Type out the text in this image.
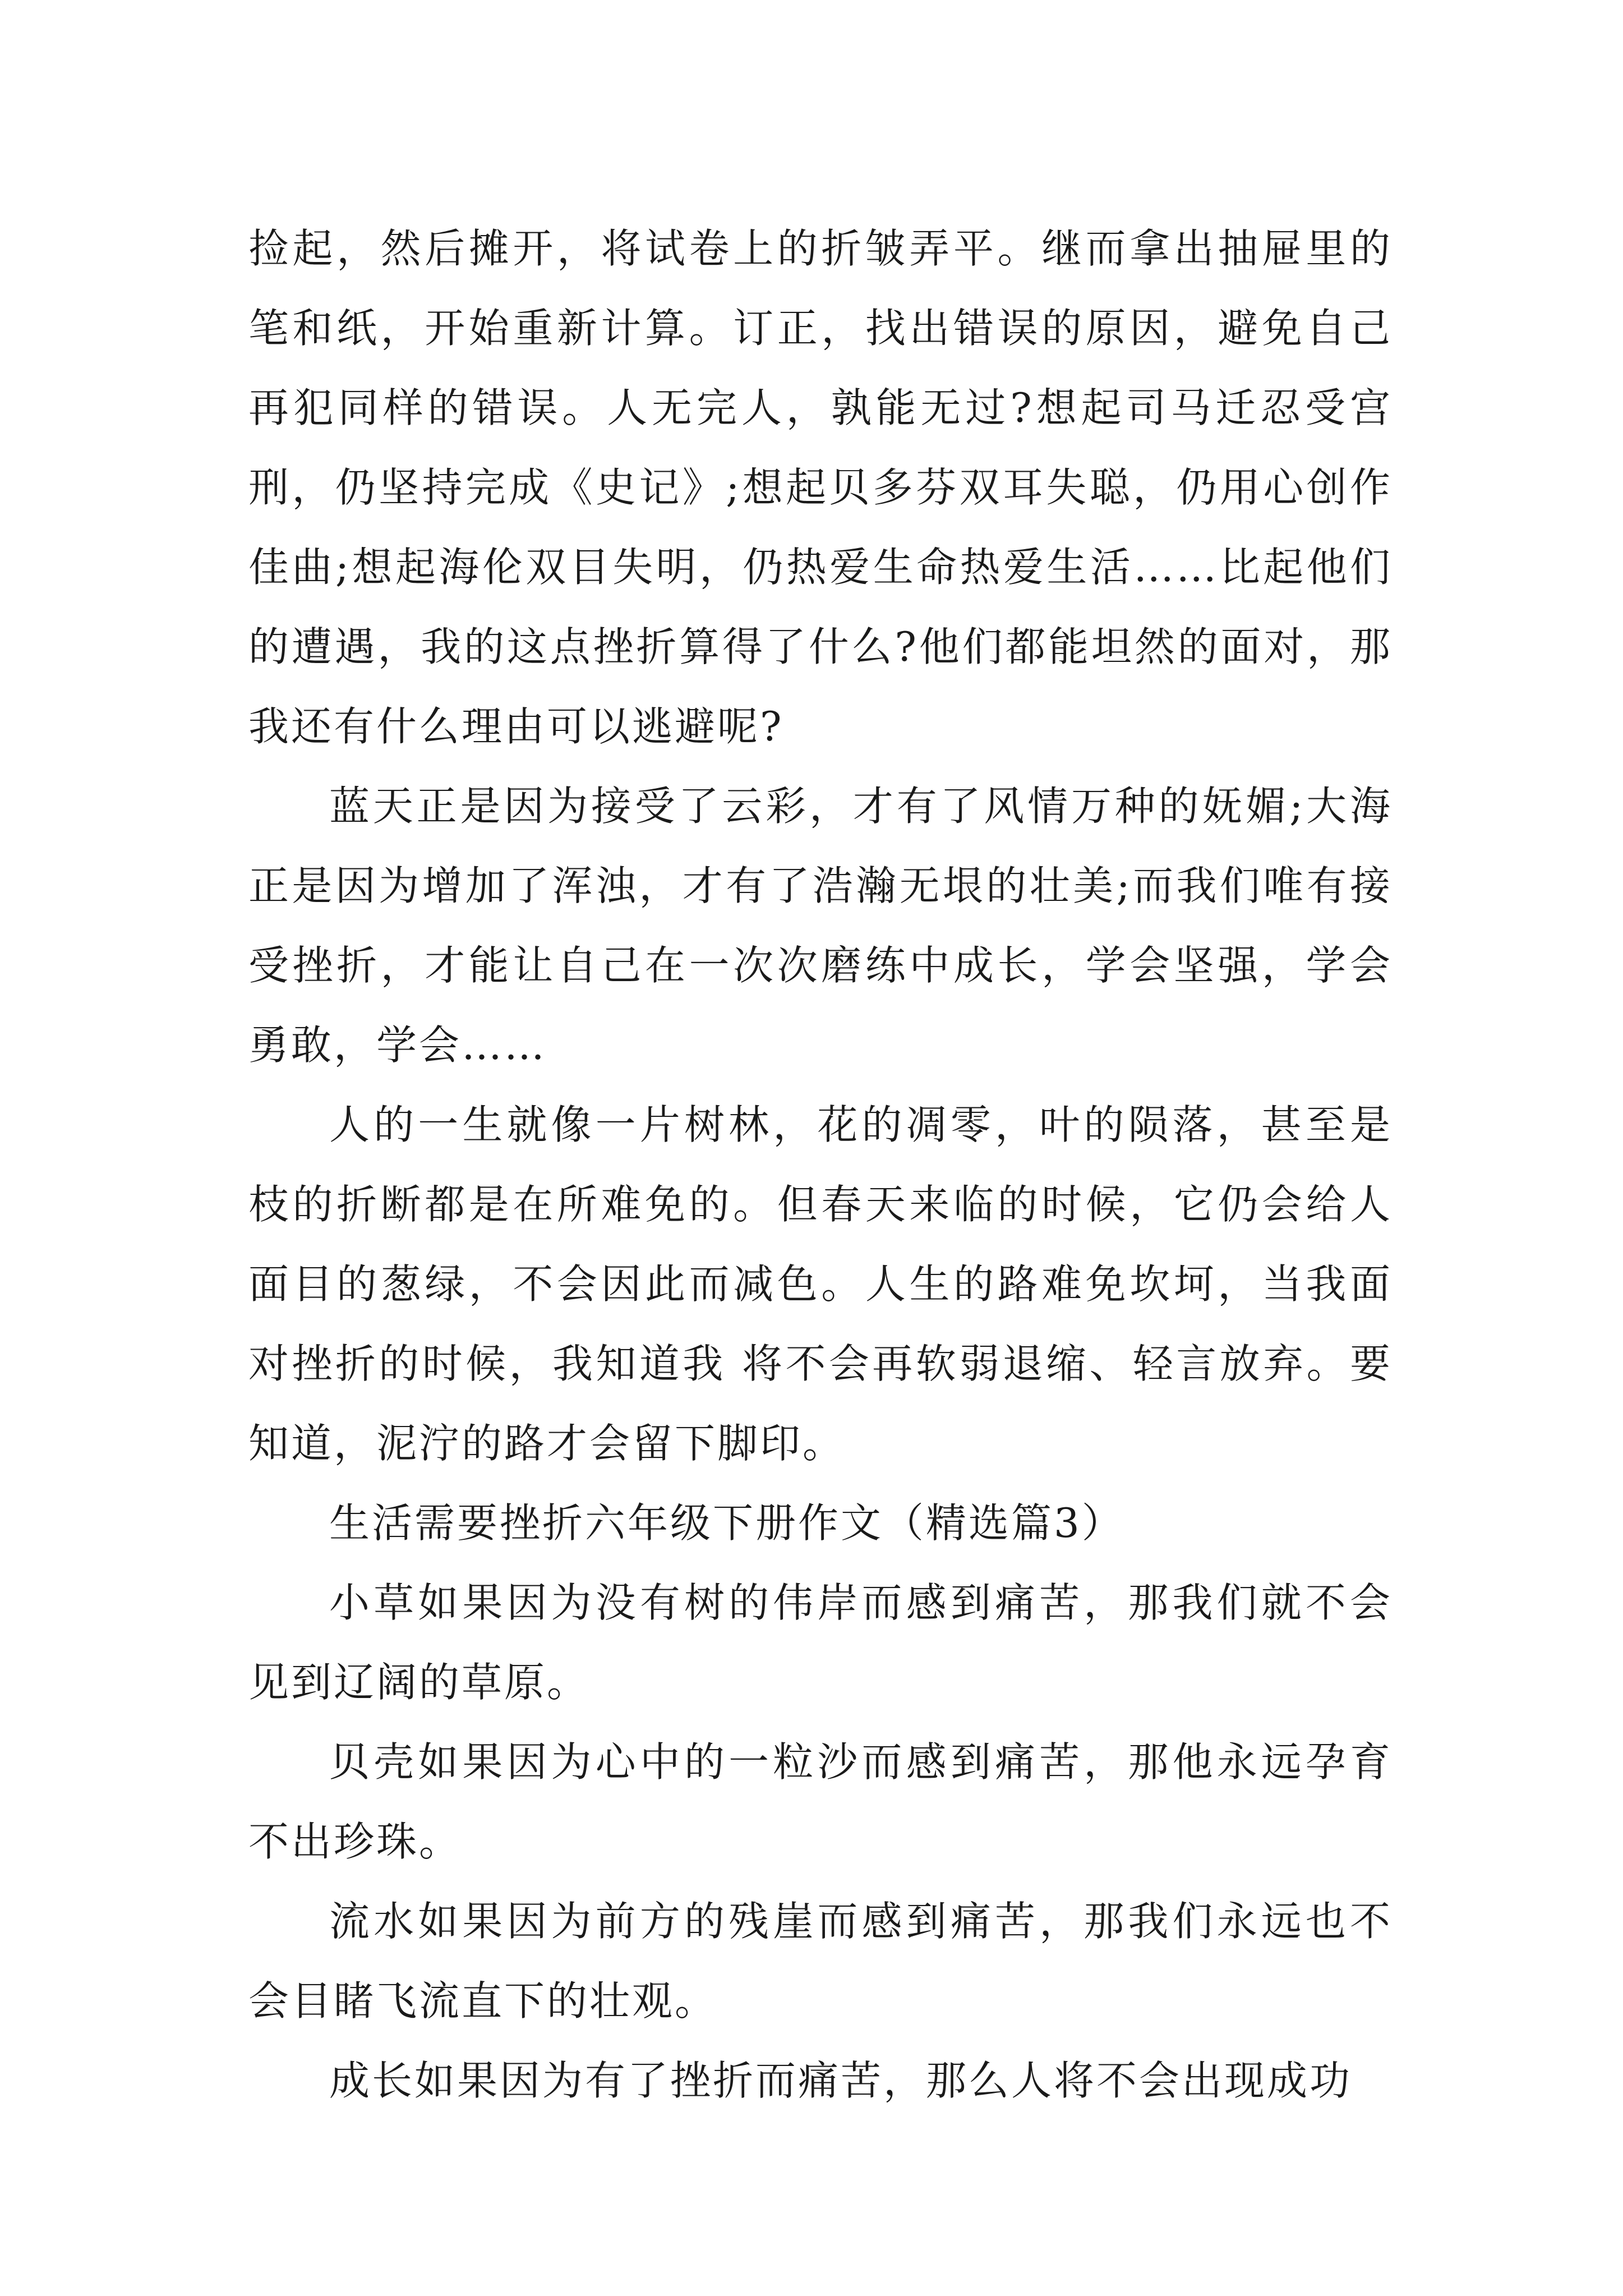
捡起，然后摊开，将试卷上的折皱弄平。继而拿出抽屉里的笔和纸，开始重新计算。订正，找出错误的原因，避免自己再犯同样的错误。人无完人，孰能无过?想起司马迁忍受宫刑，仍坚持完成《史记》;想起贝多芬双耳失聪，仍用心创作佳曲;想起海伦双目失明，仍热爱生命热爱生活……比起他们的遭遇，我的这点挫折算得了什么?他们都能坦然的面对，那我还有什么理由可以逃避呢?

蓝天正是因为接受了云彩，才有了风情万种的妩媚;大海正是因为增加了浑浊，才有了浩瀚无垠的壮美;而我们唯有接受挫折，才能让自己在一次次磨练中成长，学会坚强，学会勇敢，学会……

人的一生就像一片树林，花的凋零，叶的陨落，甚至是枝的折断都是在所难免的。但春天来临的时候，它仍会给人面目的葱绿，不会因此而减色。人生的路难免坎坷，当我面对挫折的时候，我知道我 将不会再软弱退缩、轻言放弃。要知道，泥泞的路才会留下脚印。

生活需要挫折六年级下册作文（精选篇3）

小草如果因为没有树的伟岸而感到痛苦，那我们就不会见到辽阔的草原。

贝壳如果因为心中的一粒沙而感到痛苦，那他永远孕育不出珍珠。

流水如果因为前方的残崖而感到痛苦，那我们永远也不会目睹飞流直下的壮观。

成长如果因为有了挫折而痛苦，那么人将不会出现成功
